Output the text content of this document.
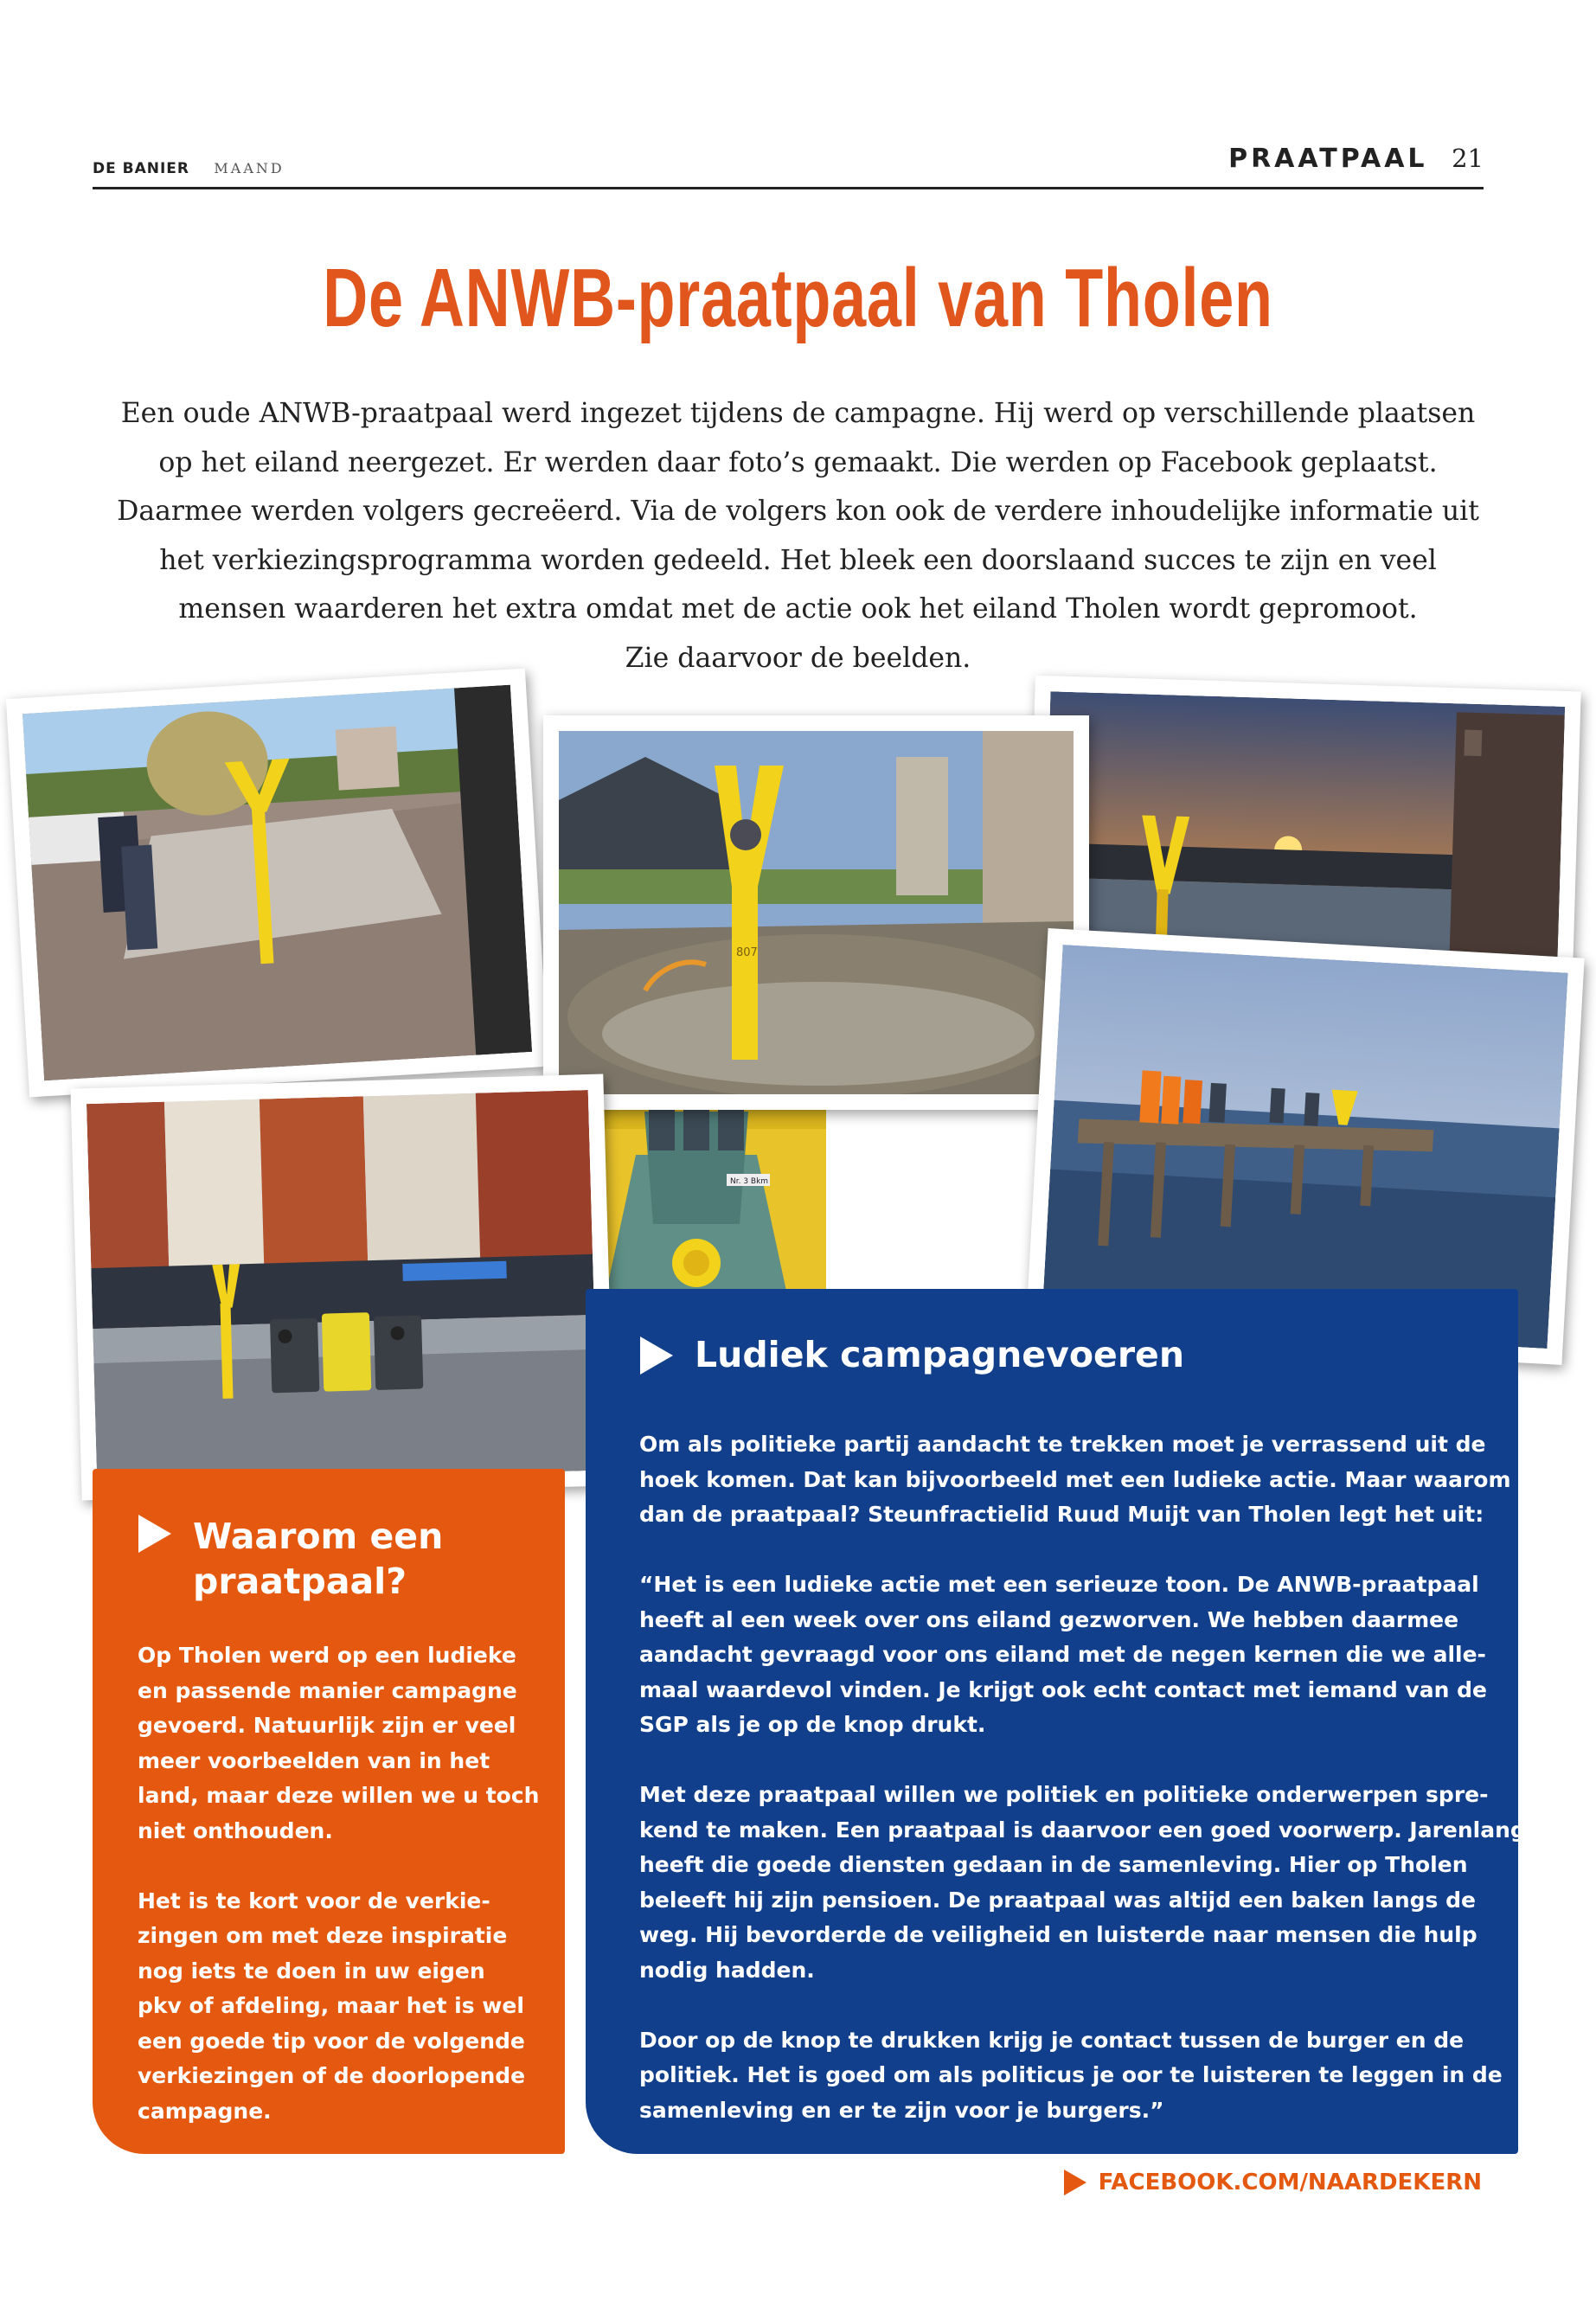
DE BANIER MAAND	PRAATPAAL 21
De ANWB-praatpaal van Tholen
Een oude ANWB-praatpaal werd ingezet tijdens de campagne. Hij werd op verschillende plaatsen
op het eiland neergezet. Er werden daar foto’s gemaakt. Die werden op Facebook geplaatst.
Daarmee werden volgers gecreëerd. Via de volgers kon ook de verdere inhoudelijke informatie uit
het verkiezingsprogramma worden gedeeld. Het bleek een doorslaand succes te zijn en veel
mensen waarderen het extra omdat met de actie ook het eiland Tholen wordt gepromoot.
Zie daarvoor de beelden.
Nr. 3 Bkm
807
Waarom een
praatpaal?
Op Tholen werd op een ludieke
en passende manier campagne
gevoerd. Natuurlijk zijn er veel
meer voorbeelden van in het
land, maar deze willen we u toch
niet onthouden.
Het is te kort voor de verkie-
zingen om met deze inspiratie
nog iets te doen in uw eigen
pkv of afdeling, maar het is wel
een goede tip voor de volgende
verkiezingen of de doorlopende
campagne.
Ludiek campagnevoeren
Om als politieke partij aandacht te trekken moet je verrassend uit de
hoek komen. Dat kan bijvoorbeeld met een ludieke actie. Maar waarom
dan de praatpaal? Steunfractielid Ruud Muijt van Tholen legt het uit:
“Het is een ludieke actie met een serieuze toon. De ANWB-praatpaal
heeft al een week over ons eiland gezworven. We hebben daarmee
aandacht gevraagd voor ons eiland met de negen kernen die we alle-
maal waardevol vinden. Je krijgt ook echt contact met iemand van de
SGP als je op de knop drukt.
Met deze praatpaal willen we politiek en politieke onderwerpen spre-
kend te maken. Een praatpaal is daarvoor een goed voorwerp. Jarenlang
heeft die goede diensten gedaan in de samenleving. Hier op Tholen
beleeft hij zijn pensioen. De praatpaal was altijd een baken langs de
weg. Hij bevorderde de veiligheid en luisterde naar mensen die hulp
nodig hadden.
Door op de knop te drukken krijg je contact tussen de burger en de
politiek. Het is goed om als politicus je oor te luisteren te leggen in de
samenleving en er te zijn voor je burgers.”
FACEBOOK.COM/NAARDEKERN
